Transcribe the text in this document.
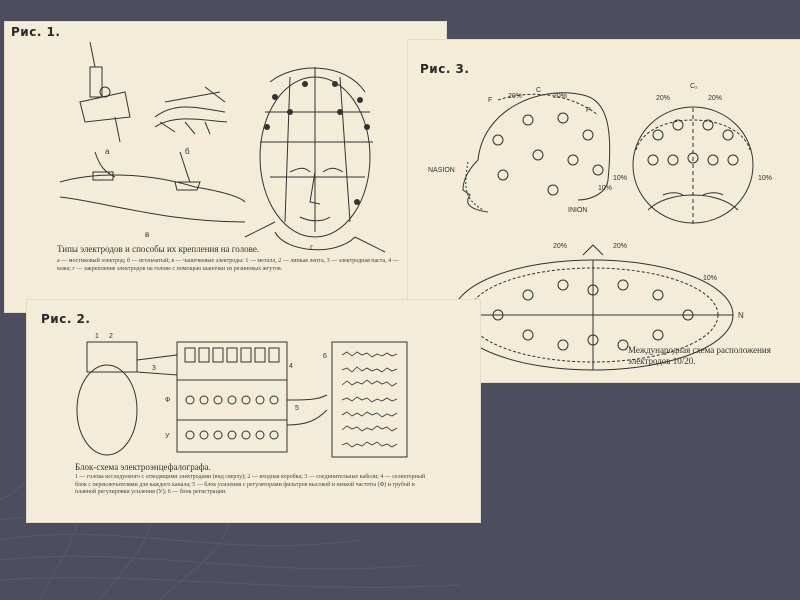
Рис. 1.
а	б
в
г
Типы электродов и способы их крепления на голове.
а — мостиковый электрод; б — игольчатый; в — чашечковые электроды: 1 — металл, 2 — липкая лента, 3 — электродная паста, 4 — кожа; г — закрепление электродов на голове с помощью шапочки из резиновых жгутов.
Рис. 3.
C
F
P
20%	20%
10%
NASION
INION
C₂
20%	20%
10%	10%
20%	20%
10%
N
Международная схема расположения электродов 10/20.
Рис. 2.
1 2
3	4
5
6
Ф
У
Блок-схема электроэнцефалографа.
1 — голова исследуемого с отводящими электродами (вид сверху); 2 — входная коробка; 3 — соединительные кабели; 4 — селекторный блок с переключателями для каждого канала; 5 — блок усиления с регуляторами фильтров высокой и низкой частоты (Ф) и грубой и плавной регулировки усиления (У); 6 — блок регистрации.
